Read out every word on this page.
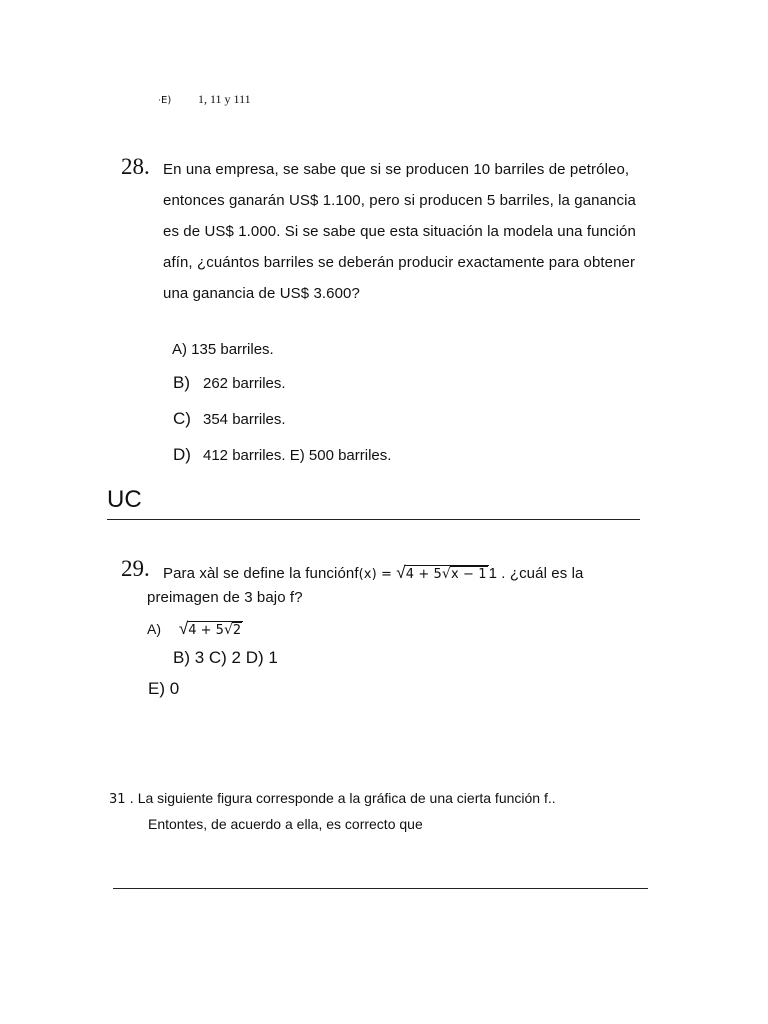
·E) 1, 11 y 111
28. En una empresa, se sabe que si se producen 10 barriles de petróleo,
entonces ganarán US$ 1.100, pero si producen 5 barriles, la ganancia
es de US$ 1.000. Si se sabe que esta situación la modela una función
afín, ¿cuántos barriles se deberán producir exactamente para obtener
una ganancia de US$ 3.600?
A) 135 barriles.
B) 262 barriles.
C) 354 barriles.
D) 412 barriles. E) 500 barriles.
UC
29. Para xàl se define la funciónf(x) = √4 + 5√x − 1 1 . ¿cuál es la
preimagen de 3 bajo f?
A) √4 + 5√2
B) 3 C) 2 D) 1
E) 0
31 . La siguiente figura corresponde a la gráfica de una cierta función f..
Entontes, de acuerdo a ella, es correcto que
